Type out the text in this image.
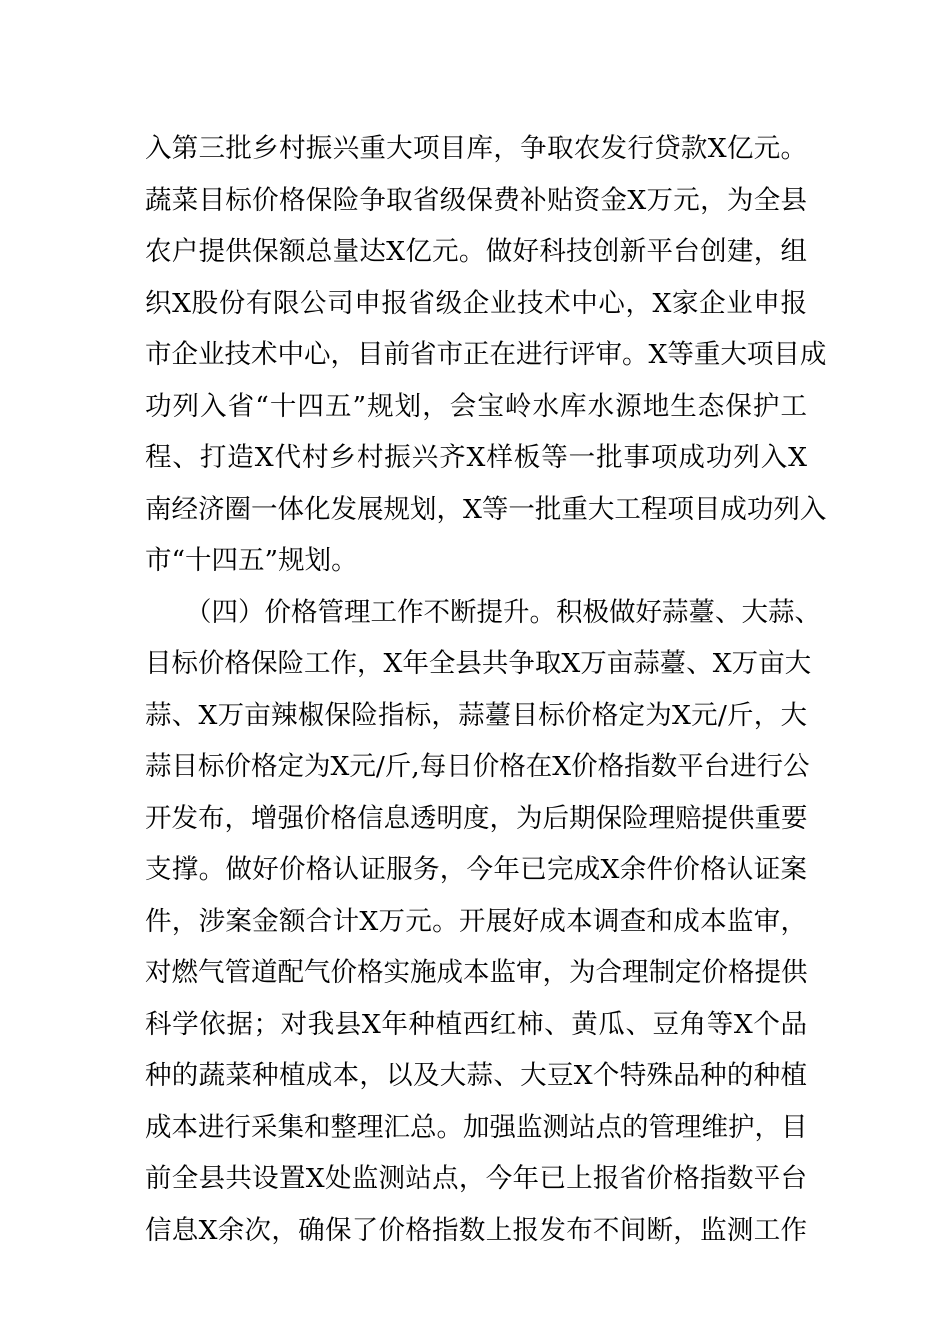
入第三批乡村振兴重大项目库，争取农发行贷款X亿元。
蔬菜目标价格保险争取省级保费补贴资金X万元，为全县
农户提供保额总量达X亿元。做好科技创新平台创建，组
织X股份有限公司申报省级企业技术中心，X家企业申报
市企业技术中心，目前省市正在进行评审。X等重大项目成
功列入省“十四五”规划，会宝岭水库水源地生态保护工
程、打造X代村乡村振兴齐X样板等一批事项成功列入X
南经济圈一体化发展规划，X等一批重大工程项目成功列入
市“十四五”规划。
（四）价格管理工作不断提升。积极做好蒜薹、大蒜、
目标价格保险工作，X年全县共争取X万亩蒜薹、X万亩大
蒜、X万亩辣椒保险指标，蒜薹目标价格定为X元/斤，大
蒜目标价格定为X元/斤,每日价格在X价格指数平台进行公
开发布，增强价格信息透明度，为后期保险理赔提供重要
支撑。做好价格认证服务，今年已完成X余件价格认证案
件，涉案金额合计X万元。开展好成本调查和成本监审，
对燃气管道配气价格实施成本监审，为合理制定价格提供
科学依据；对我县X年种植西红柿、黄瓜、豆角等X个品
种的蔬菜种植成本，以及大蒜、大豆X个特殊品种的种植
成本进行采集和整理汇总。加强监测站点的管理维护，目
前全县共设置X处监测站点，今年已上报省价格指数平台
信息X余次，确保了价格指数上报发布不间断，监测工作
